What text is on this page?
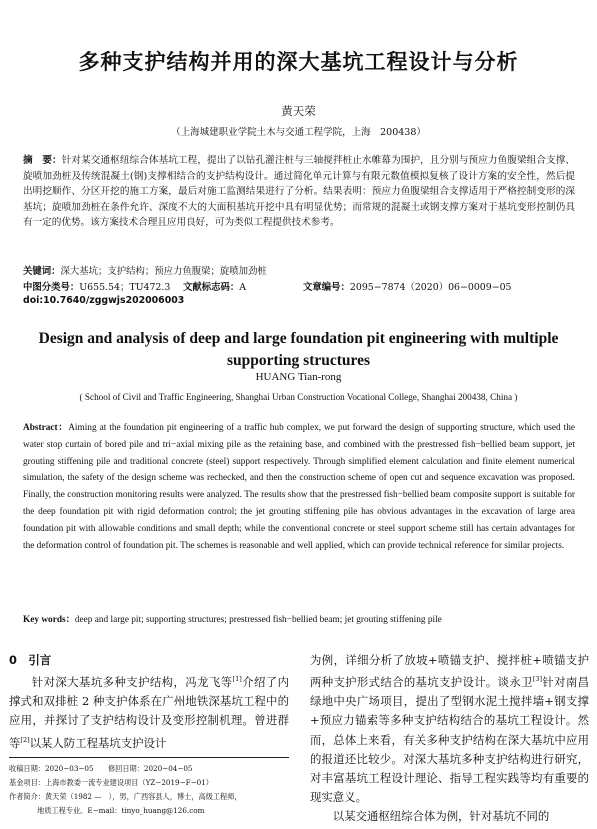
多种支护结构并用的深大基坑工程设计与分析
黄天荣
（上海城建职业学院土木与交通工程学院，上海　200438）
摘　要：针对某交通枢纽综合体基坑工程，提出了以钻孔灌注桩与三轴搅拌桩止水帷幕为围护，且分别与预应力鱼腹梁组合支撑、旋喷加劲桩及传统混凝土(钢)支撑相结合的支护结构设计。通过简化单元计算与有限元数值模拟复核了设计方案的安全性，然后提出明挖顺作、分区开挖的施工方案，最后对施工监测结果进行了分析。结果表明：预应力鱼腹梁组合支撑适用于严格控制变形的深基坑；旋喷加劲桩在条件允许、深度不大的大面积基坑开挖中具有明显优势；而常规的混凝土或钢支撑方案对于基坑变形控制仍具有一定的优势。该方案技术合理且应用良好，可为类似工程提供技术参考。
关键词：深大基坑；支护结构；预应力鱼腹梁；旋喷加劲桩
中图分类号：U655.54；TU472.3 文献标志码：A	文章编号：2095−7874（2020）06−0009−05
doi:10.7640/zggwjs202006003
Design and analysis of deep and large foundation pit engineering with multiple supporting structures
HUANG Tian-rong
( School of Civil and Traffic Engineering, Shanghai Urban Construction Vocational College, Shanghai 200438, China )
Abstract：Aiming at the foundation pit engineering of a traffic hub complex, we put forward the design of supporting structure, which used the water stop curtain of bored pile and tri−axial mixing pile as the retaining base, and combined with the prestressed fish−bellied beam support, jet grouting stiffening pile and traditional concrete (steel) support respectively. Through simplified element calculation and finite element numerical simulation, the safety of the design scheme was rechecked, and then the construction scheme of open cut and sequence excavation was proposed. Finally, the construction monitoring results were analyzed. The results show that the prestressed fish−bellied beam composite support is suitable for the deep foundation pit with rigid deformation control; the jet grouting stiffening pile has obvious advantages in the excavation of large area foundation pit with allowable conditions and small depth; while the conventional concrete or steel support scheme still has certain advantages for the deformation control of foundation pit. The schemes is reasonable and well applied, which can provide technical reference for similar projects.
Key words：deep and large pit; supporting structures; prestressed fish−bellied beam; jet grouting stiffening pile
0　 引言
针对深大基坑多种支护结构，冯龙飞等[1]介绍了内撑式和双排桩 2 种支护体系在广州地铁深基坑工程中的应用，并探讨了支护结构设计及变形控制机理。曾进群等[2]以某人防工程基坑支护设计
收稿日期：2020−03−05　　修回日期：2020−04−05
基金项目：上海市教委一流专业建设项目（YZ−2019−F−01）
作者简介：黄天荣（1982 —　），男，广西容县人，博士，高级工程师，
地质工程专业。E−mail：tinyo_huang@126.com
为例，详细分析了放坡+喷锚支护、搅拌桩+喷锚支护两种支护形式结合的基坑支护设计。谈永卫[3]针对南昌绿地中央广场项目，提出了型钢水泥土搅拌墙+钢支撑+预应力锚索等多种支护结构结合的基坑工程设计。然而，总体上来看，有关多种支护结构在深大基坑中应用的报道还比较少。对深大基坑多种支护结构进行研究，对丰富基坑工程设计理论、指导工程实践等均有重要的现实意义。
以某交通枢纽综合体为例，针对基坑不同的
